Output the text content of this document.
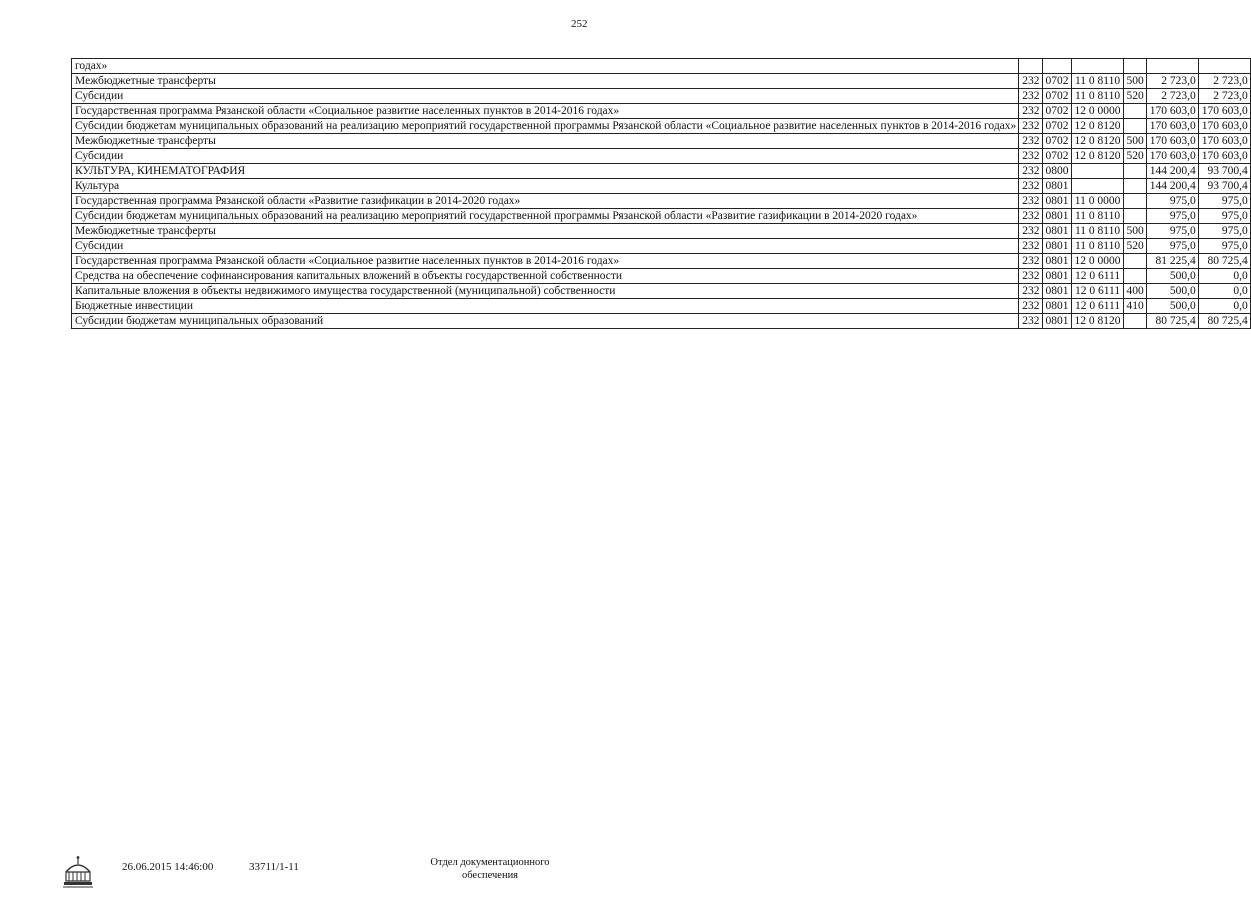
252
годах»						
Межбюджетные трансферты	232	0702	11 0 8110	500	2 723,0	2 723,0
Субсидии	232	0702	11 0 8110	520	2 723,0	2 723,0
Государственная программа Рязанской области «Социальное развитие населенных пунктов в 2014-2016 годах»	232	0702	12 0 0000		170 603,0	170 603,0
Субсидии бюджетам муниципальных образований на реализацию мероприятий государственной программы Рязанской области «Социальное развитие населенных пунктов в 2014-2016 годах»	232	0702	12 0 8120		170 603,0	170 603,0
Межбюджетные трансферты	232	0702	12 0 8120	500	170 603,0	170 603,0
Субсидии	232	0702	12 0 8120	520	170 603,0	170 603,0
КУЛЬТУРА, КИНЕМАТОГРАФИЯ	232	0800			144 200,4	93 700,4
Культура	232	0801			144 200,4	93 700,4
Государственная программа Рязанской области «Развитие газификации в 2014-2020 годах»	232	0801	11 0 0000		975,0	975,0
Субсидии бюджетам муниципальных образований на реализацию мероприятий государственной программы Рязанской области «Развитие газификации в 2014-2020 годах»	232	0801	11 0 8110		975,0	975,0
Межбюджетные трансферты	232	0801	11 0 8110	500	975,0	975,0
Субсидии	232	0801	11 0 8110	520	975,0	975,0
Государственная программа Рязанской области «Социальное развитие населенных пунктов в 2014-2016 годах»	232	0801	12 0 0000		81 225,4	80 725,4
Средства на обеспечение софинансирования капитальных вложений в объекты государственной собственности	232	0801	12 0 6111		500,0	0,0
Капитальные вложения в объекты недвижимого имущества государственной (муниципальной) собственности	232	0801	12 0 6111	400	500,0	0,0
Бюджетные инвестиции	232	0801	12 0 6111	410	500,0	0,0
Субсидии бюджетам муниципальных образований	232	0801	12 0 8120		80 725,4	80 725,4
26.06.2015 14:46:00	33711/1-11	Отдел документационного
обеспечения
